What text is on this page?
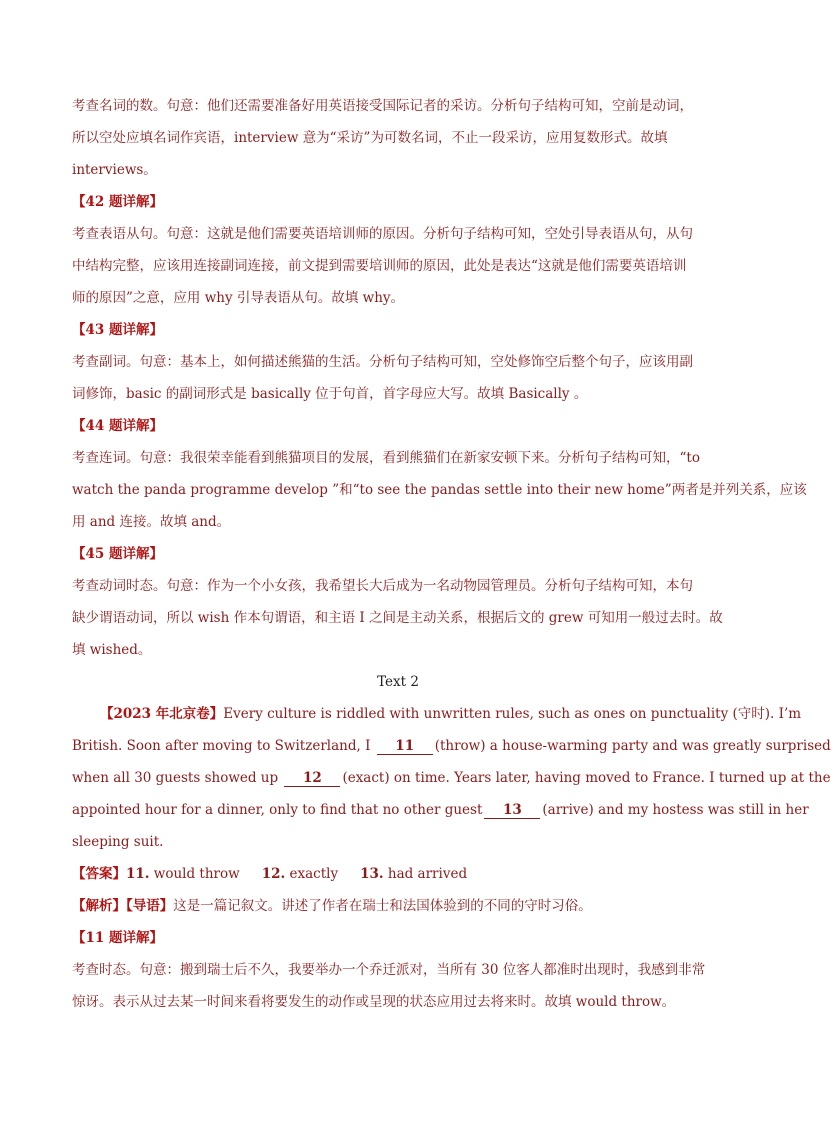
考查名词的数。句意：他们还需要准备好用英语接受国际记者的采访。分析句子结构可知，空前是动词，
所以空处应填名词作宾语，interview 意为“采访”为可数名词，不止一段采访，应用复数形式。故填
interviews。
【42 题详解】
考查表语从句。句意：这就是他们需要英语培训师的原因。分析句子结构可知，空处引导表语从句，从句
中结构完整，应该用连接副词连接，前文提到需要培训师的原因，此处是表达“这就是他们需要英语培训
师的原因”之意，应用 why 引导表语从句。故填 why。
【43 题详解】
考查副词。句意：基本上，如何描述熊猫的生活。分析句子结构可知，空处修饰空后整个句子，应该用副
词修饰，basic 的副词形式是 basically 位于句首，首字母应大写。故填 Basically 。
【44 题详解】
考查连词。句意：我很荣幸能看到熊猫项目的发展，看到熊猫们在新家安顿下来。分析句子结构可知，“to
watch the panda programme develop ”和“to see the pandas settle into their new home”两者是并列关系，应该
用 and 连接。故填 and。
【45 题详解】
考查动词时态。句意：作为一个小女孩，我希望长大后成为一名动物园管理员。分析句子结构可知，本句
缺少谓语动词，所以 wish 作本句谓语，和主语 I 之间是主动关系，根据后文的 grew 可知用一般过去时。故
填 wished。
Text 2
【2023 年北京卷】Every culture is riddled with unwritten rules, such as ones on punctuality (守时). I’m
British. Soon after moving to Switzerland, I 11 (throw) a house-warming party and was greatly surprised
when all 30 guests showed up 12 (exact) on time. Years later, having moved to France. I turned up at the
appointed hour for a dinner, only to find that no other guest 13 (arrive) and my hostess was still in her
sleeping suit.
【答案】11. would throw 12. exactly 13. had arrived
【解析】【导语】这是一篇记叙文。讲述了作者在瑞士和法国体验到的不同的守时习俗。
【11 题详解】
考查时态。句意：搬到瑞士后不久，我要举办一个乔迁派对，当所有 30 位客人都准时出现时，我感到非常
惊讶。表示从过去某一时间来看将要发生的动作或呈现的状态应用过去将来时。故填 would throw。
